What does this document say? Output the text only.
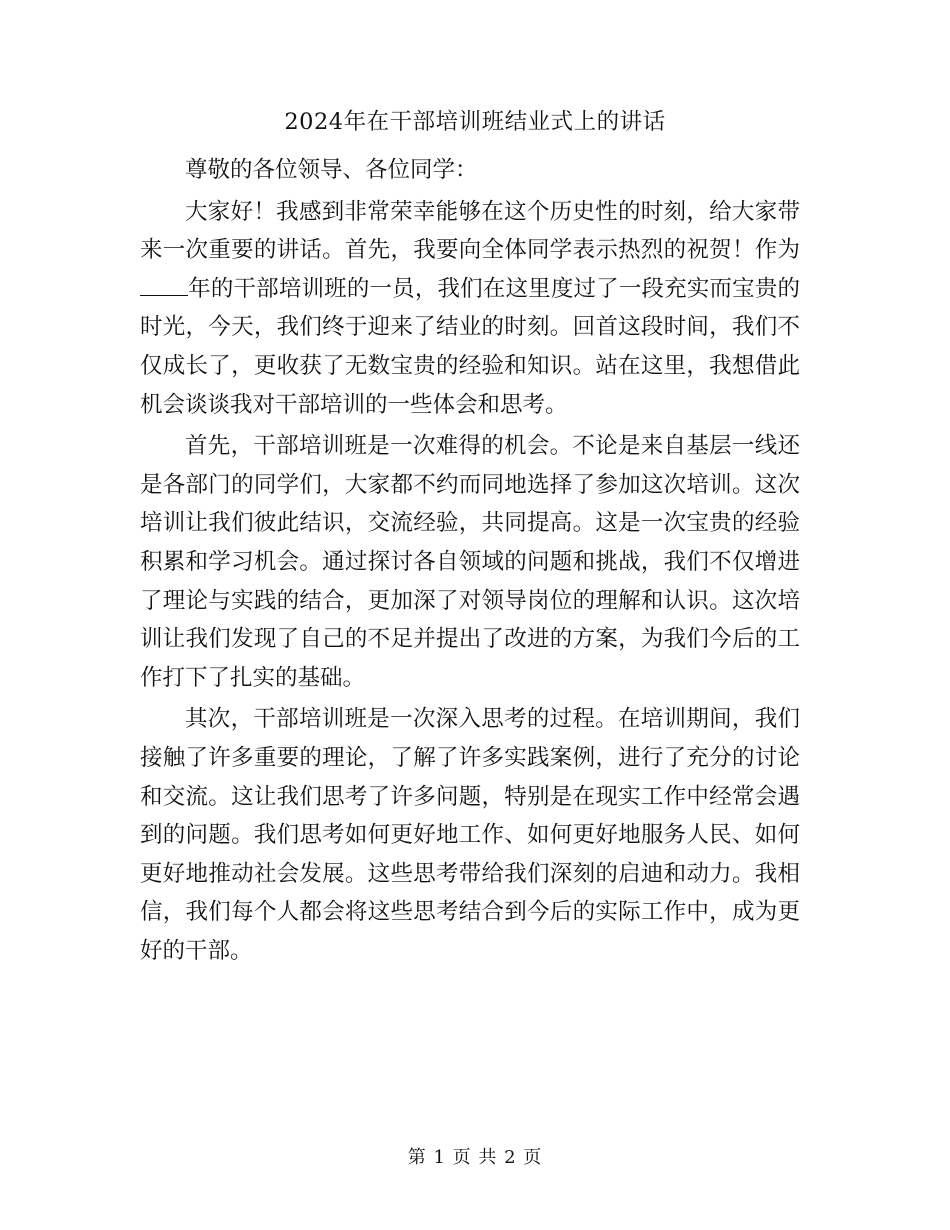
2024年在干部培训班结业式上的讲话

尊敬的各位领导、各位同学：

大家好！我感到非常荣幸能够在这个历史性的时刻，给大家带来一次重要的讲话。首先，我要向全体同学表示热烈的祝贺！作为年的干部培训班的一员，我们在这里度过了一段充实而宝贵的时光，今天，我们终于迎来了结业的时刻。回首这段时间，我们不仅成长了，更收获了无数宝贵的经验和知识。站在这里，我想借此机会谈谈我对干部培训的一些体会和思考。

首先，干部培训班是一次难得的机会。不论是来自基层一线还是各部门的同学们，大家都不约而同地选择了参加这次培训。这次培训让我们彼此结识，交流经验，共同提高。这是一次宝贵的经验积累和学习机会。通过探讨各自领域的问题和挑战，我们不仅增进了理论与实践的结合，更加深了对领导岗位的理解和认识。这次培训让我们发现了自己的不足并提出了改进的方案，为我们今后的工作打下了扎实的基础。

其次，干部培训班是一次深入思考的过程。在培训期间，我们接触了许多重要的理论，了解了许多实践案例，进行了充分的讨论和交流。这让我们思考了许多问题，特别是在现实工作中经常会遇到的问题。我们思考如何更好地工作、如何更好地服务人民、如何更好地推动社会发展。这些思考带给我们深刻的启迪和动力。我相信，我们每个人都会将这些思考结合到今后的实际工作中，成为更好的干部。

第 1 页 共 2 页
